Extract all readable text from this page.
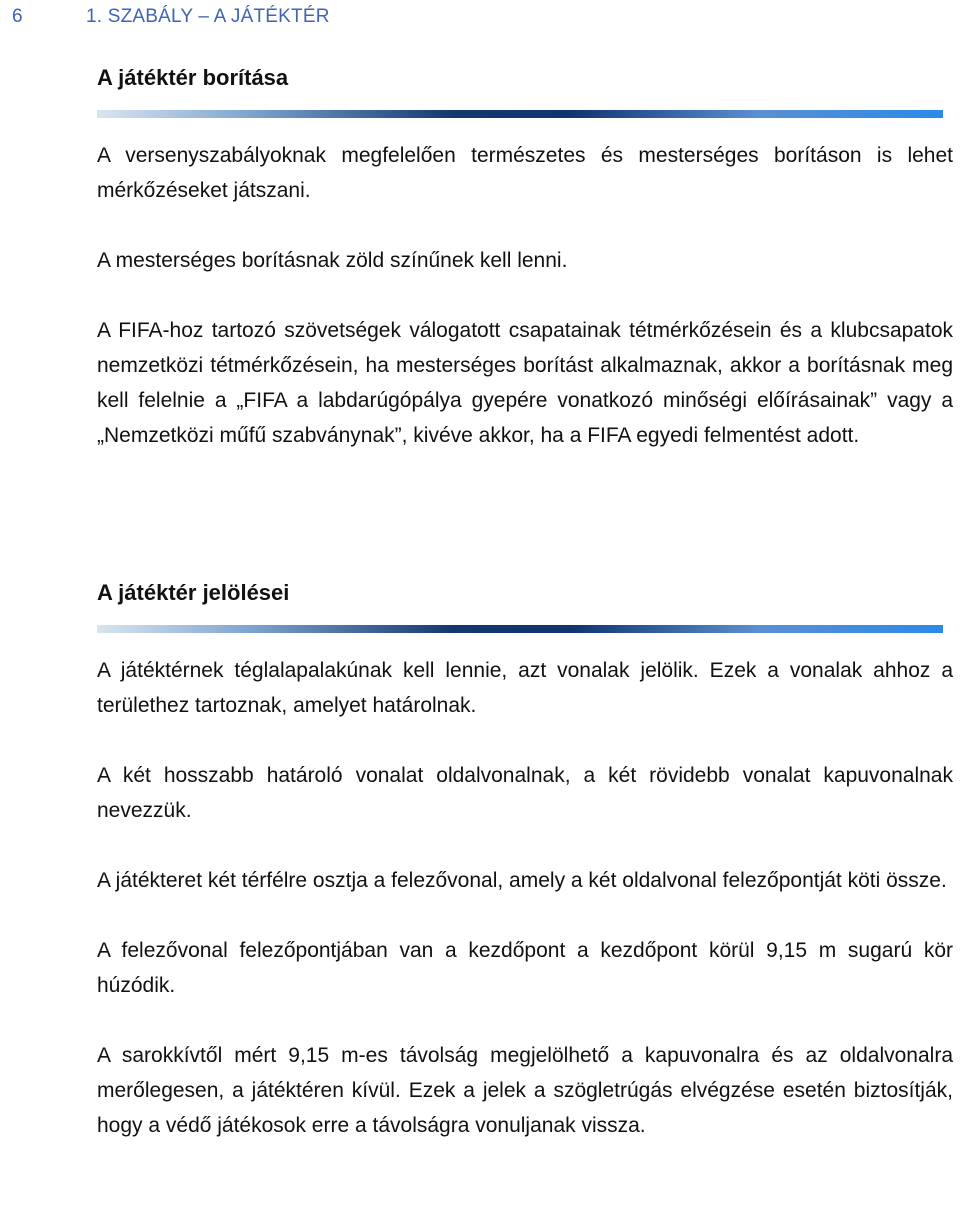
6	1. SZABÁLY – A JÁTÉKTÉR
A játéktér borítása

A versenyszabályoknak megfelelően természetes és mesterséges borításon is lehet mérkőzéseket játszani.

A mesterséges borításnak zöld színűnek kell lenni.

A FIFA-hoz tartozó szövetségek válogatott csapatainak tétmérkőzésein és a klubcsapatok nemzetközi tétmérkőzésein, ha mesterséges borítást alkalmaznak, akkor a borításnak meg kell felelnie a „FIFA a labdarúgópálya gyepére vonatkozó minőségi előírásainak” vagy a „Nemzetközi műfű szabványnak”, kivéve akkor, ha a FIFA egyedi felmentést adott.

A játéktér jelölései

A játéktérnek téglalapalakúnak kell lennie, azt vonalak jelölik. Ezek a vonalak ahhoz a területhez tartoznak, amelyet határolnak.

A két hosszabb határoló vonalat oldalvonalnak, a két rövidebb vonalat kapuvonalnak nevezzük.

A játékteret két térfélre osztja a felezővonal, amely a két oldalvonal felezőpontját köti össze.

A felezővonal felezőpontjában van a kezdőpont a kezdőpont körül 9,15 m sugarú kör húzódik.

A sarokkívtől mért 9,15 m-es távolság megjelölhető a kapuvonalra és az oldalvonalra merőlegesen, a játéktéren kívül. Ezek a jelek a szögletrúgás elvégzése esetén biztosítják, hogy a védő játékosok erre a távolságra vonuljanak vissza.
